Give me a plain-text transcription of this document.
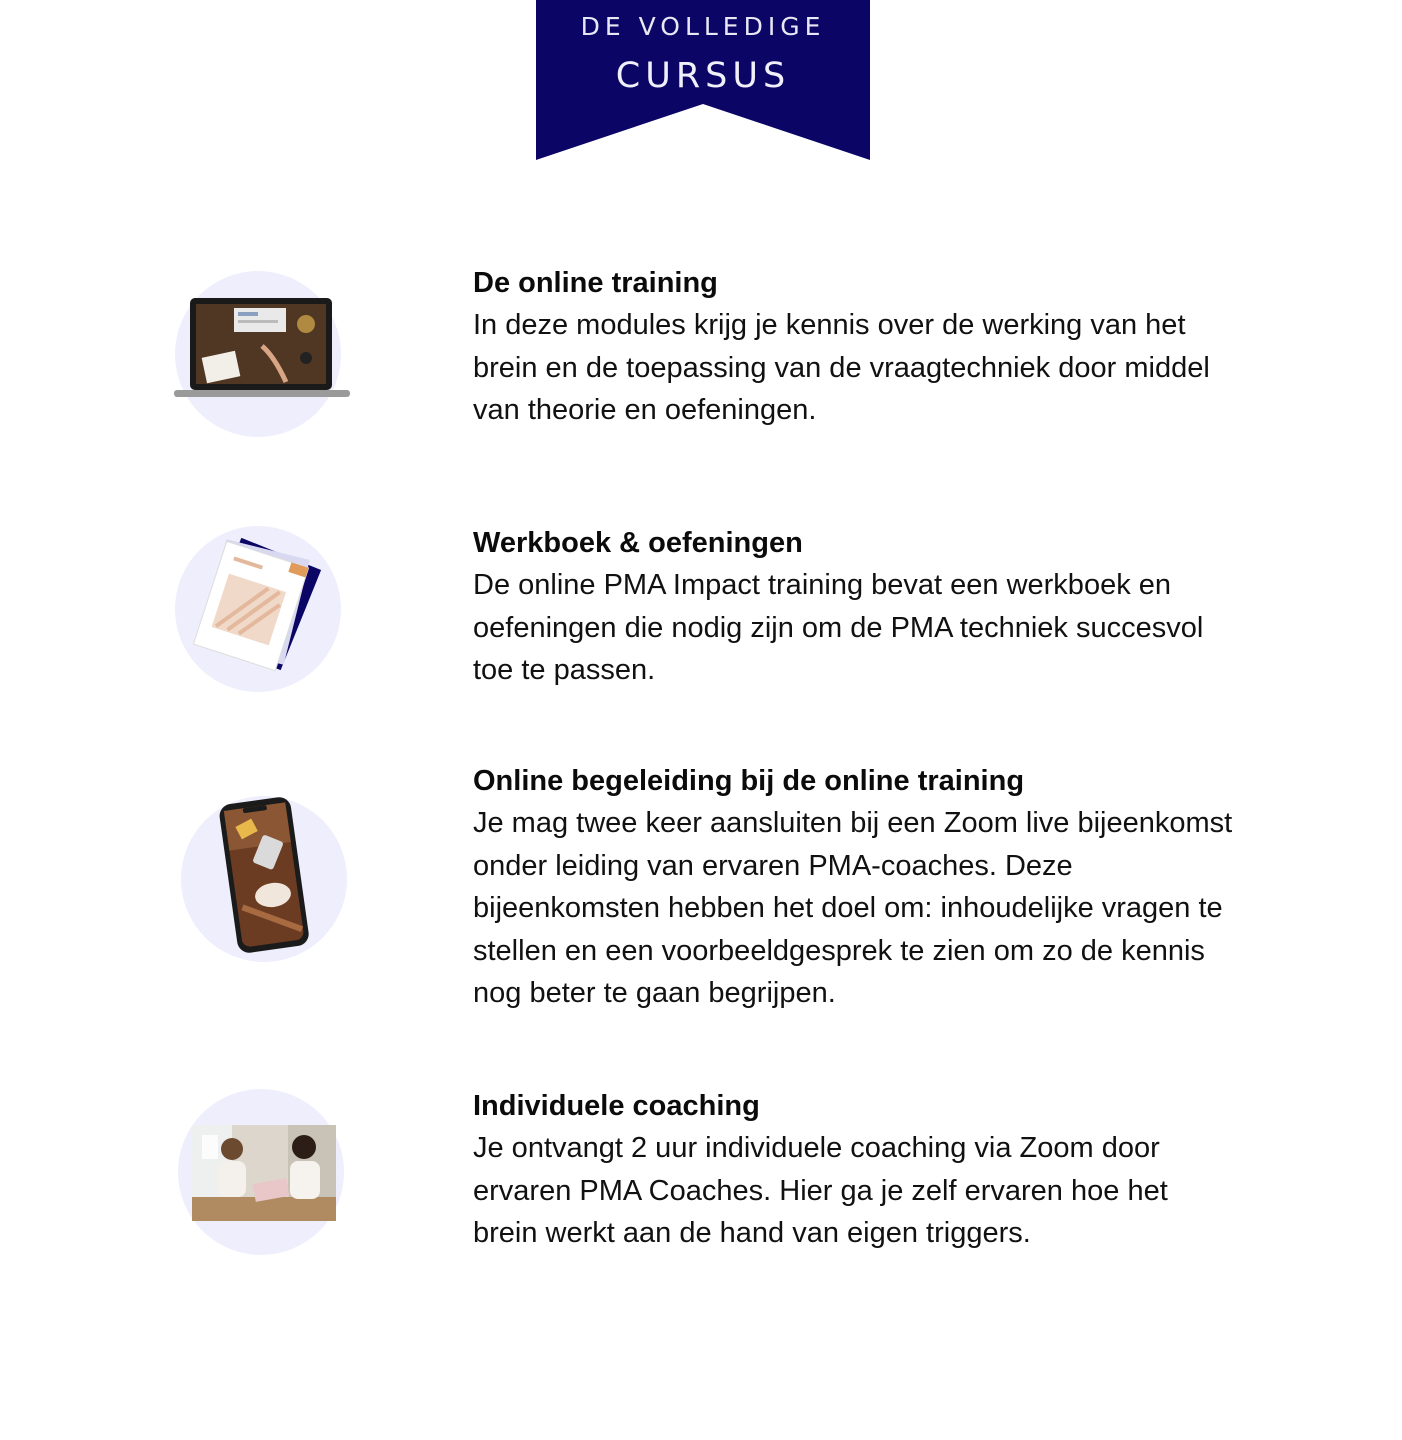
DE VOLLEDIGE
CURSUS
De online training
In deze modules krijg je kennis over de werking van het brein en de toepassing van de vraagtechniek door middel van theorie en oefeningen.
Werkboek & oefeningen
De online PMA Impact training bevat een werkboek en oefeningen die nodig zijn om de PMA techniek succesvol toe te passen.
Online begeleiding bij de online training
Je mag twee keer aansluiten bij een Zoom live bijeenkomst onder leiding van ervaren PMA-coaches. Deze bijeenkomsten hebben het doel om: inhoudelijke vragen te stellen en een voorbeeldgesprek te zien om zo de kennis nog beter te gaan begrijpen.
Individuele coaching
Je ontvangt 2 uur individuele coaching via Zoom door ervaren PMA Coaches. Hier ga je zelf ervaren hoe het brein werkt aan de hand van eigen triggers.
